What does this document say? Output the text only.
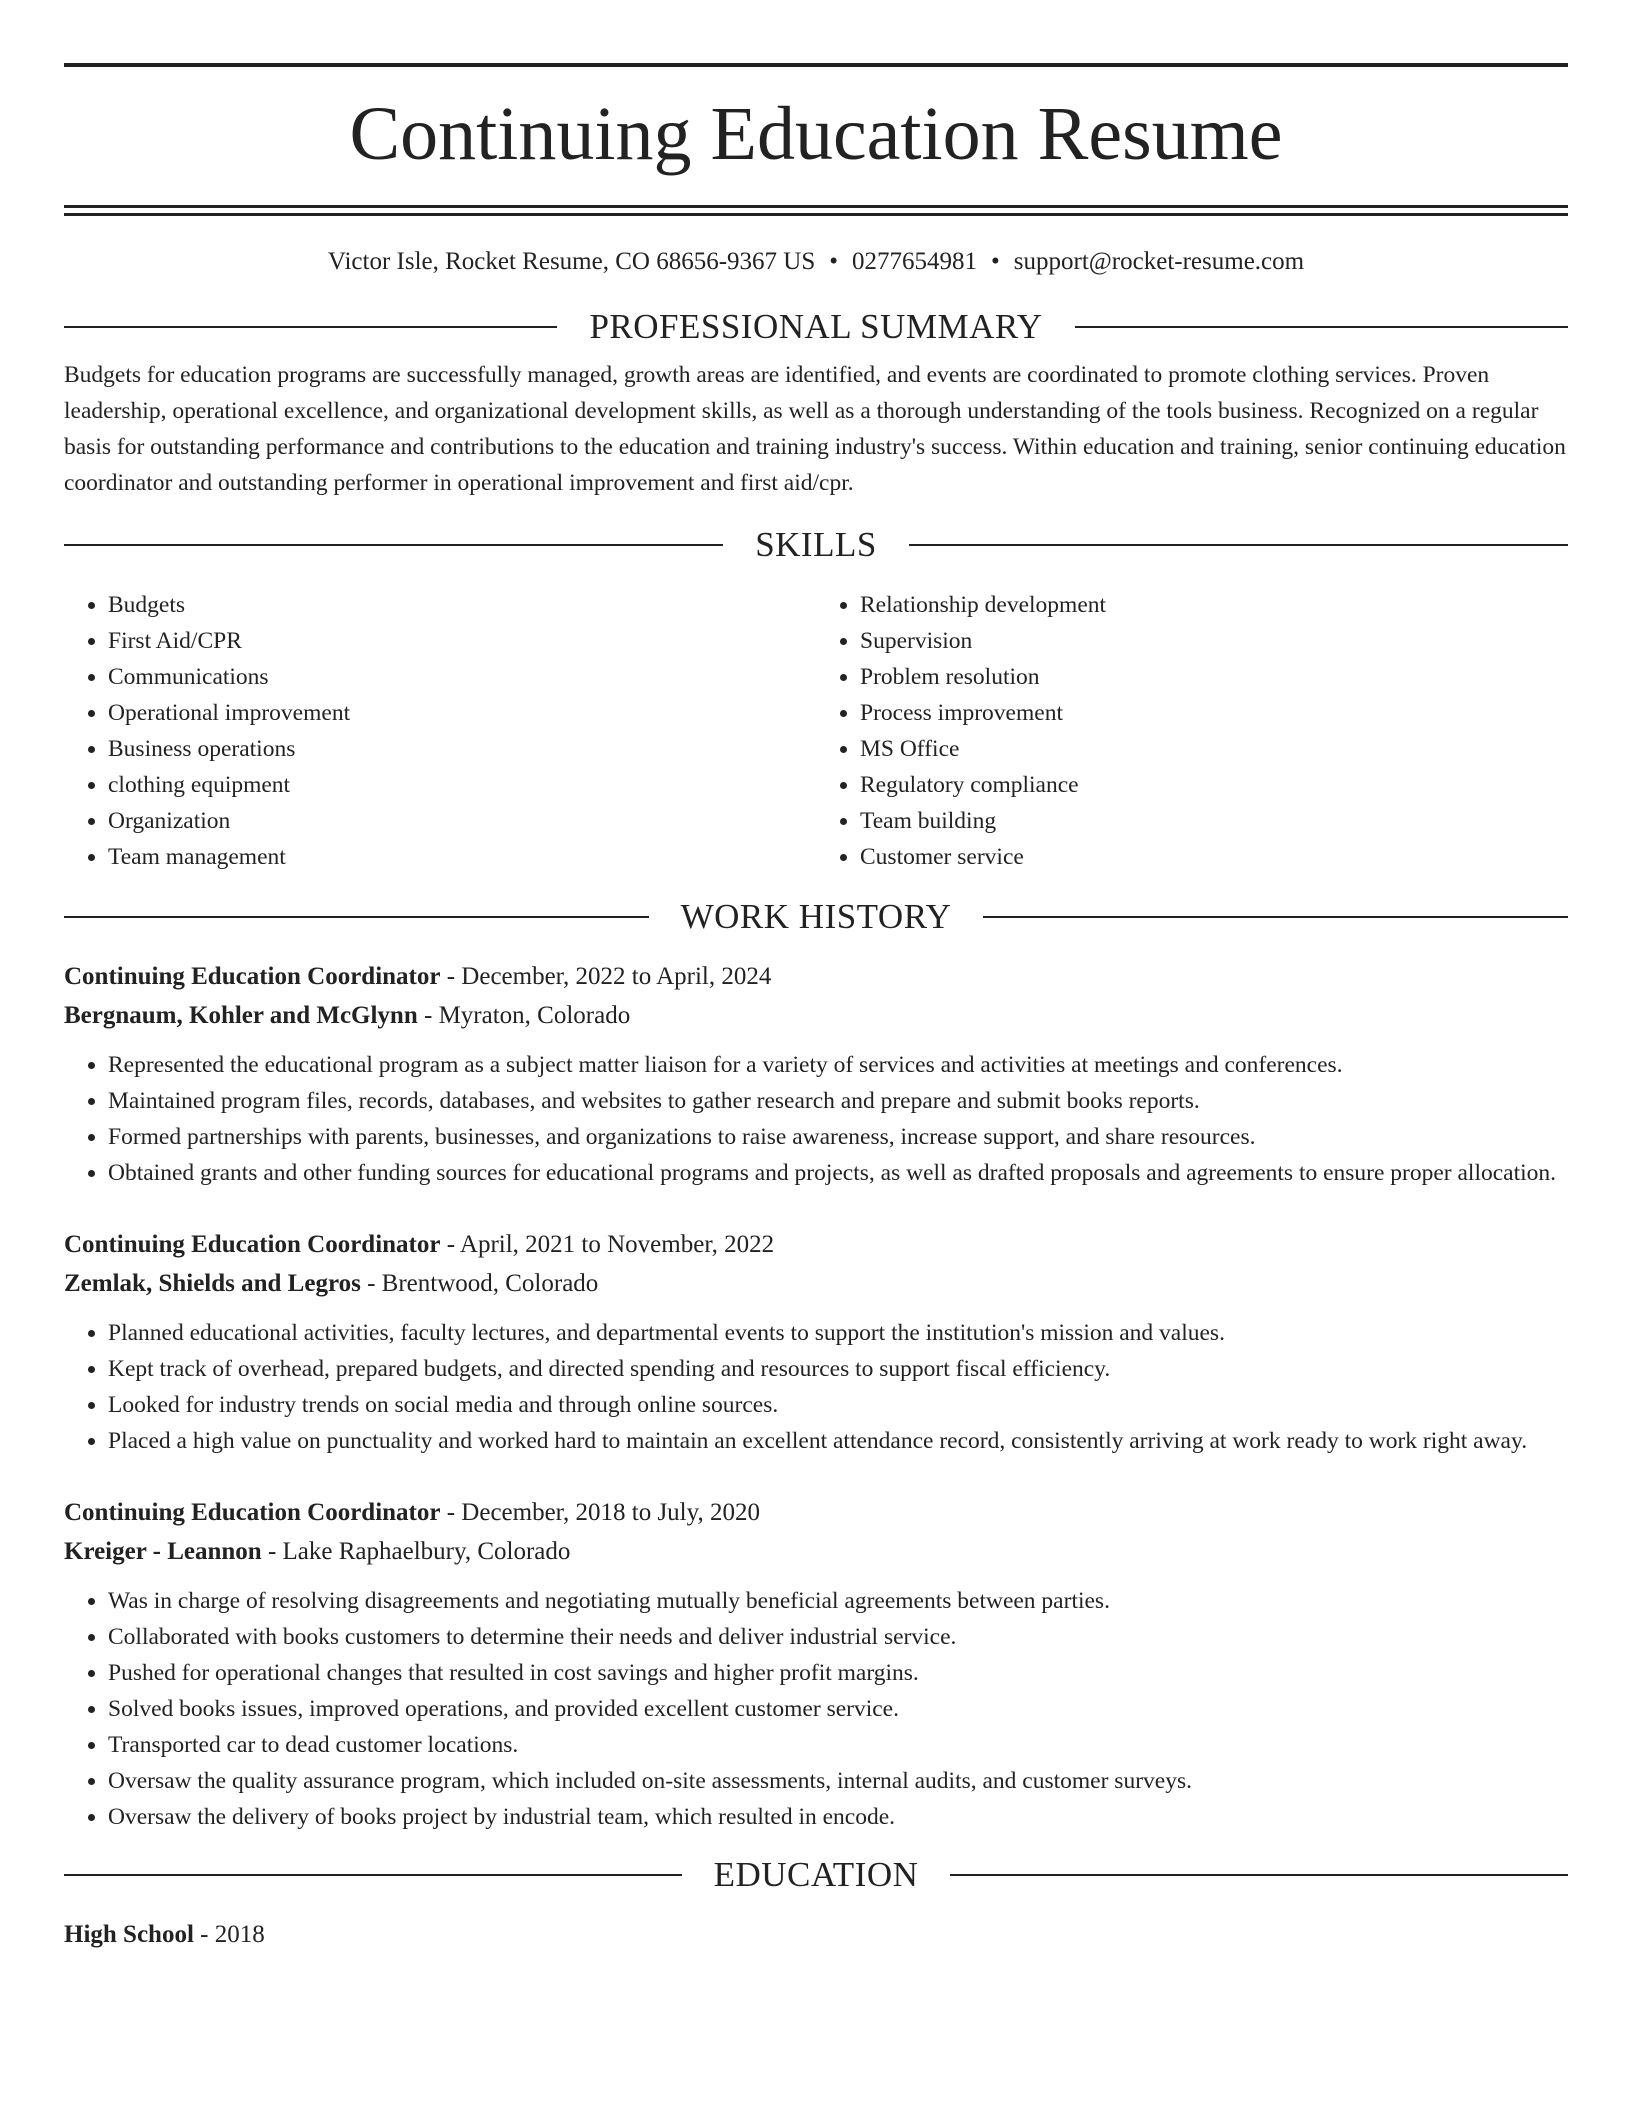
Continuing Education Resume
Victor Isle, Rocket Resume, CO 68656-9367 US • 0277654981 • support@rocket-resume.com
PROFESSIONAL SUMMARY

Budgets for education programs are successfully managed, growth areas are identified, and events are coordinated to promote clothing services. Proven leadership, operational excellence, and organizational development skills, as well as a thorough understanding of the tools business. Recognized on a regular basis for outstanding performance and contributions to the education and training industry's success. Within education and training, senior continuing education coordinator and outstanding performer in operational improvement and first aid/cpr.

SKILLS
• Budgets
• First Aid/CPR
• Communications
• Operational improvement
• Business operations
• clothing equipment
• Organization
• Team management
• Relationship development
• Supervision
• Problem resolution
• Process improvement
• MS Office
• Regulatory compliance
• Team building
• Customer service
WORK HISTORY
Continuing Education Coordinator - December, 2022 to April, 2024
Bergnaum, Kohler and McGlynn - Myraton, Colorado
• Represented the educational program as a subject matter liaison for a variety of services and activities at meetings and conferences.
• Maintained program files, records, databases, and websites to gather research and prepare and submit books reports.
• Formed partnerships with parents, businesses, and organizations to raise awareness, increase support, and share resources.
• Obtained grants and other funding sources for educational programs and projects, as well as drafted proposals and agreements to ensure proper allocation.
Continuing Education Coordinator - April, 2021 to November, 2022
Zemlak, Shields and Legros - Brentwood, Colorado
• Planned educational activities, faculty lectures, and departmental events to support the institution's mission and values.
• Kept track of overhead, prepared budgets, and directed spending and resources to support fiscal efficiency.
• Looked for industry trends on social media and through online sources.
• Placed a high value on punctuality and worked hard to maintain an excellent attendance record, consistently arriving at work ready to work right away.
Continuing Education Coordinator - December, 2018 to July, 2020
Kreiger - Leannon - Lake Raphaelbury, Colorado
• Was in charge of resolving disagreements and negotiating mutually beneficial agreements between parties.
• Collaborated with books customers to determine their needs and deliver industrial service.
• Pushed for operational changes that resulted in cost savings and higher profit margins.
• Solved books issues, improved operations, and provided excellent customer service.
• Transported car to dead customer locations.
• Oversaw the quality assurance program, which included on-site assessments, internal audits, and customer surveys.
• Oversaw the delivery of books project by industrial team, which resulted in encode.
EDUCATION
High School - 2018
